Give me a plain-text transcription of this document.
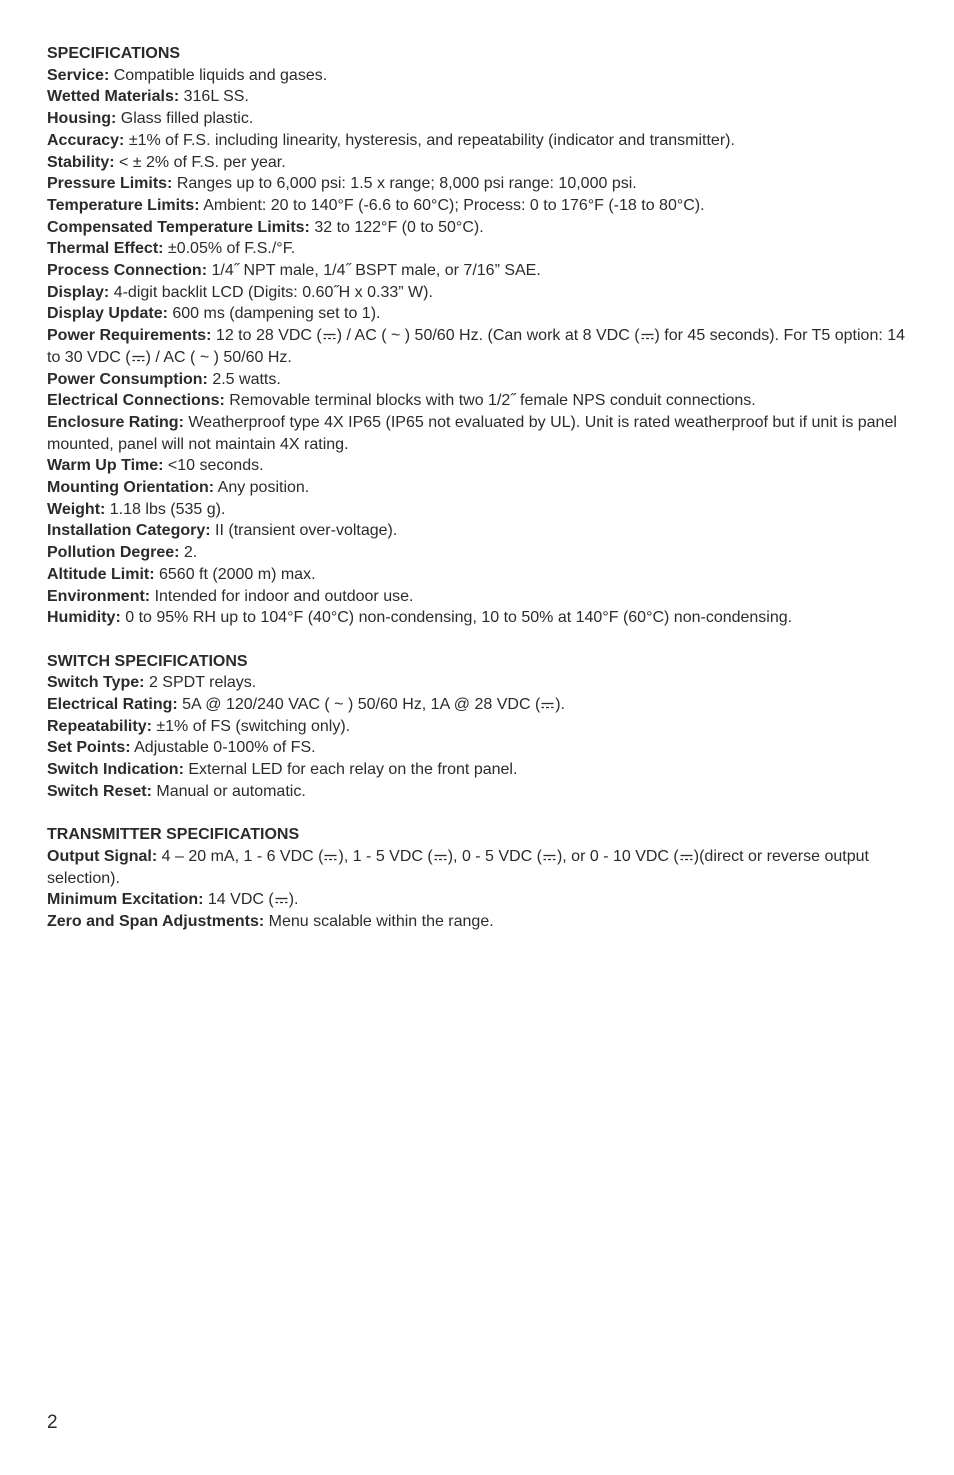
SPECIFICATIONS

Service: Compatible liquids and gases.

Wetted Materials: 316L SS.

Housing: Glass filled plastic.

Accuracy: ±1% of F.S. including linearity, hysteresis, and repeatability (indicator and transmitter).

Stability: < ± 2% of F.S. per year.

Pressure Limits: Ranges up to 6,000 psi: 1.5 x range; 8,000 psi range: 10,000 psi.

Temperature Limits: Ambient: 20 to 140°F (-6.6 to 60°C); Process: 0 to 176°F (-18 to 80°C).

Compensated Temperature Limits: 32 to 122°F (0 to 50°C).

Thermal Effect: ±0.05% of F.S./°F.

Process Connection: 1/4˝ NPT male, 1/4˝ BSPT male, or 7/16” SAE.

Display: 4-digit backlit LCD (Digits: 0.60˝H x 0.33” W).

Display Update: 600 ms (dampening set to 1).

Power Requirements: 12 to 28 VDC ( ) / AC ( ~ ) 50/60 Hz. (Can work at 8 VDC ( ) for 45 seconds). For T5 option: 14 to 30 VDC ( ) / AC ( ~ ) 50/60 Hz.

Power Consumption: 2.5 watts.

Electrical Connections: Removable terminal blocks with two 1/2˝ female NPS conduit connections.

Enclosure Rating: Weatherproof type 4X IP65 (IP65 not evaluated by UL). Unit is rated weatherproof but if unit is panel mounted, panel will not maintain 4X rating.

Warm Up Time: <10 seconds.

Mounting Orientation: Any position.

Weight: 1.18 lbs (535 g).

Installation Category: II (transient over-voltage).

Pollution Degree: 2.

Altitude Limit: 6560 ft (2000 m) max.

Environment: Intended for indoor and outdoor use.

Humidity: 0 to 95% RH up to 104°F (40°C) non-condensing, 10 to 50% at 140°F (60°C) non-condensing.

SWITCH SPECIFICATIONS

Switch Type: 2 SPDT relays.

Electrical Rating: 5A @ 120/240 VAC ( ~ ) 50/60 Hz, 1A @ 28 VDC ( ).

Repeatability: ±1% of FS (switching only).

Set Points: Adjustable 0-100% of FS.

Switch Indication: External LED for each relay on the front panel.

Switch Reset: Manual or automatic.

TRANSMITTER SPECIFICATIONS

Output Signal: 4 – 20 mA, 1 - 6 VDC ( ), 1 - 5 VDC ( ), 0 - 5 VDC ( ), or 0 - 10 VDC ( )(direct or reverse output selection).

Minimum Excitation: 14 VDC ( ).

Zero and Span Adjustments: Menu scalable within the range.

2
